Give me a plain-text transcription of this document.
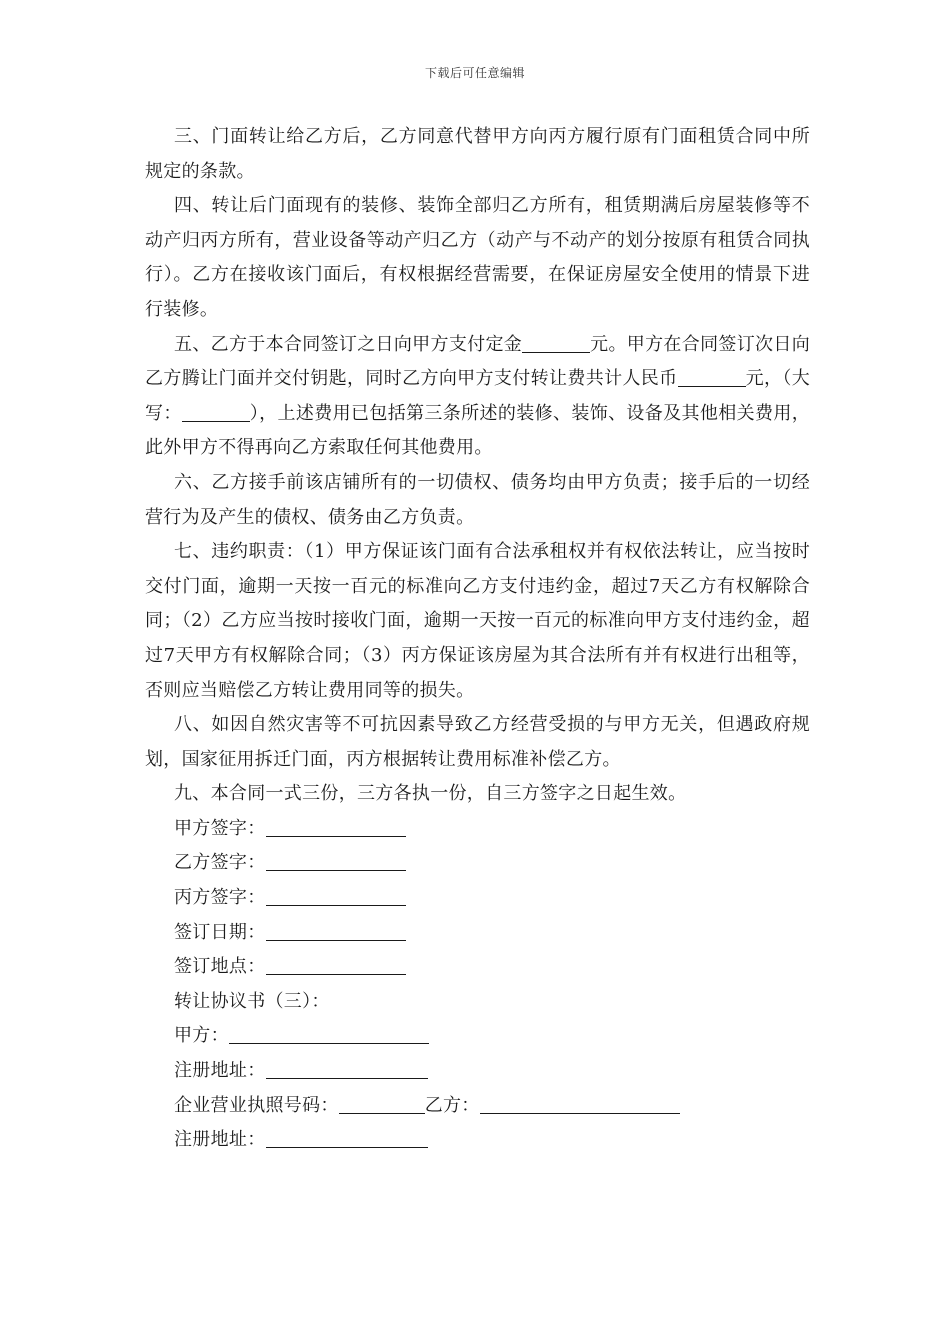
下载后可任意编辑

三、门面转让给乙方后，乙方同意代替甲方向丙方履行原有门面租赁合同中所规定的条款。

四、转让后门面现有的装修、装饰全部归乙方所有，租赁期满后房屋装修等不动产归丙方所有，营业设备等动产归乙方（动产与不动产的划分按原有租赁合同执行）。乙方在接收该门面后，有权根据经营需要，在保证房屋安全使用的情景下进行装修。

五、乙方于本合同签订之日向甲方支付定金	元。甲方在合同签订次日向乙方腾让门面并交付钥匙，同时乙方向甲方支付转让费共计人民币	元，（大写：	），上述费用已包括第三条所述的装修、装饰、设备及其他相关费用，此外甲方不得再向乙方索取任何其他费用。

六、乙方接手前该店铺所有的一切债权、债务均由甲方负责；接手后的一切经营行为及产生的债权、债务由乙方负责。

七、违约职责：（1）甲方保证该门面有合法承租权并有权依法转让，应当按时交付门面，逾期一天按一百元的标准向乙方支付违约金，超过7天乙方有权解除合同；（2）乙方应当按时接收门面，逾期一天按一百元的标准向甲方支付违约金，超过7天甲方有权解除合同；（3）丙方保证该房屋为其合法所有并有权进行出租等，否则应当赔偿乙方转让费用同等的损失。

八、如因自然灾害等不可抗因素导致乙方经营受损的与甲方无关，但遇政府规划，国家征用拆迁门面，丙方根据转让费用标准补偿乙方。

九、本合同一式三份，三方各执一份，自三方签字之日起生效。

甲方签字：

乙方签字：

丙方签字：

签订日期：

签订地点：

转让协议书（三）：

甲方：

注册地址：

企业营业执照号码：	乙方：

注册地址：
